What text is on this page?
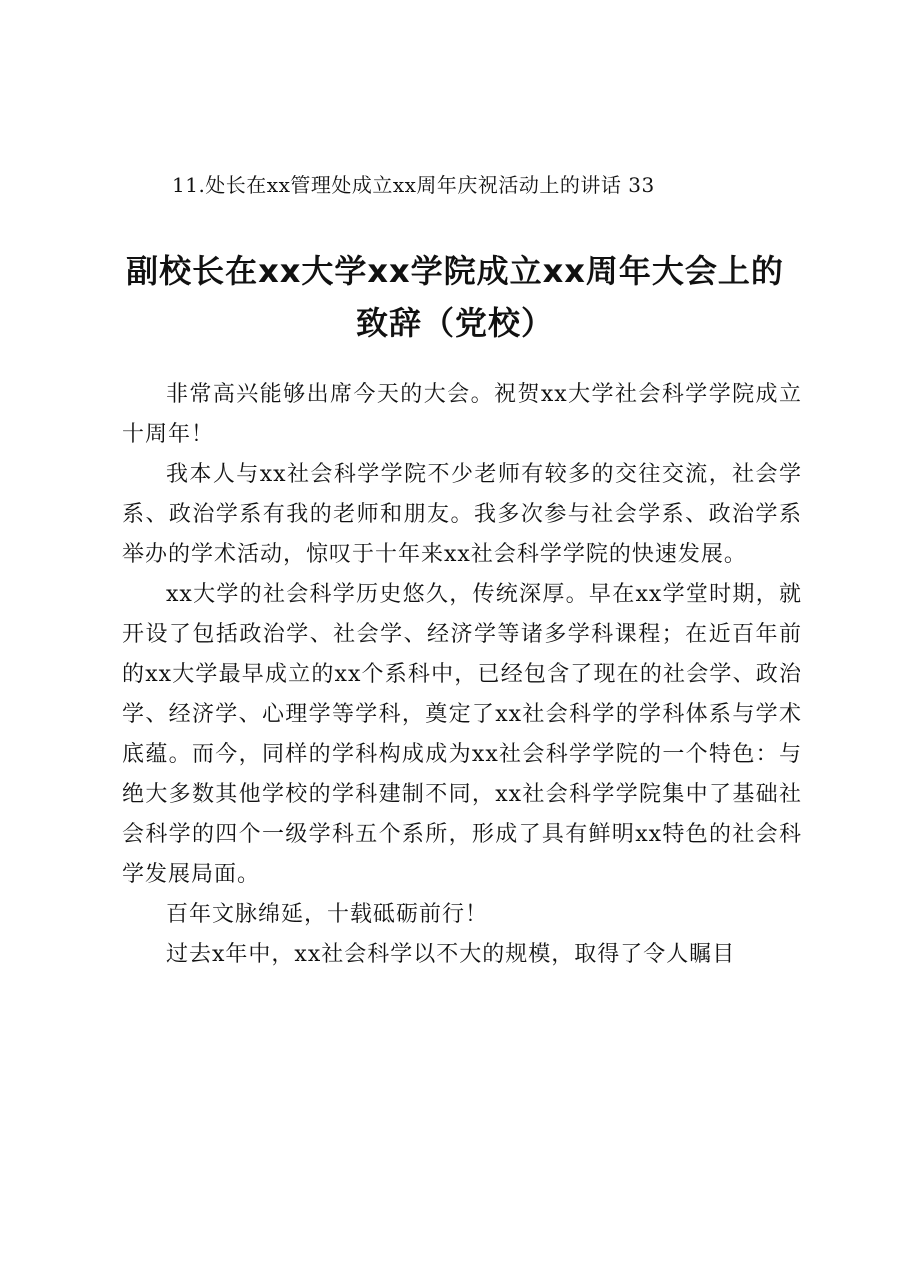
11.处长在xx管理处成立xx周年庆祝活动上的讲话 33
副校长在xx大学xx学院成立xx周年大会上的致辞（党校）

非常高兴能够出席今天的大会。祝贺xx大学社会科学学院成立十周年！

我本人与xx社会科学学院不少老师有较多的交往交流，社会学系、政治学系有我的老师和朋友。我多次参与社会学系、政治学系举办的学术活动，惊叹于十年来xx社会科学学院的快速发展。

xx大学的社会科学历史悠久，传统深厚。早在xx学堂时期，就开设了包括政治学、社会学、经济学等诸多学科课程；在近百年前的xx大学最早成立的xx个系科中，已经包含了现在的社会学、政治学、经济学、心理学等学科，奠定了xx社会科学的学科体系与学术底蕴。而今，同样的学科构成成为xx社会科学学院的一个特色：与绝大多数其他学校的学科建制不同，xx社会科学学院集中了基础社会科学的四个一级学科五个系所，形成了具有鲜明xx特色的社会科学发展局面。

百年文脉绵延，十载砥砺前行！

过去x年中，xx社会科学以不大的规模，取得了令人瞩目
